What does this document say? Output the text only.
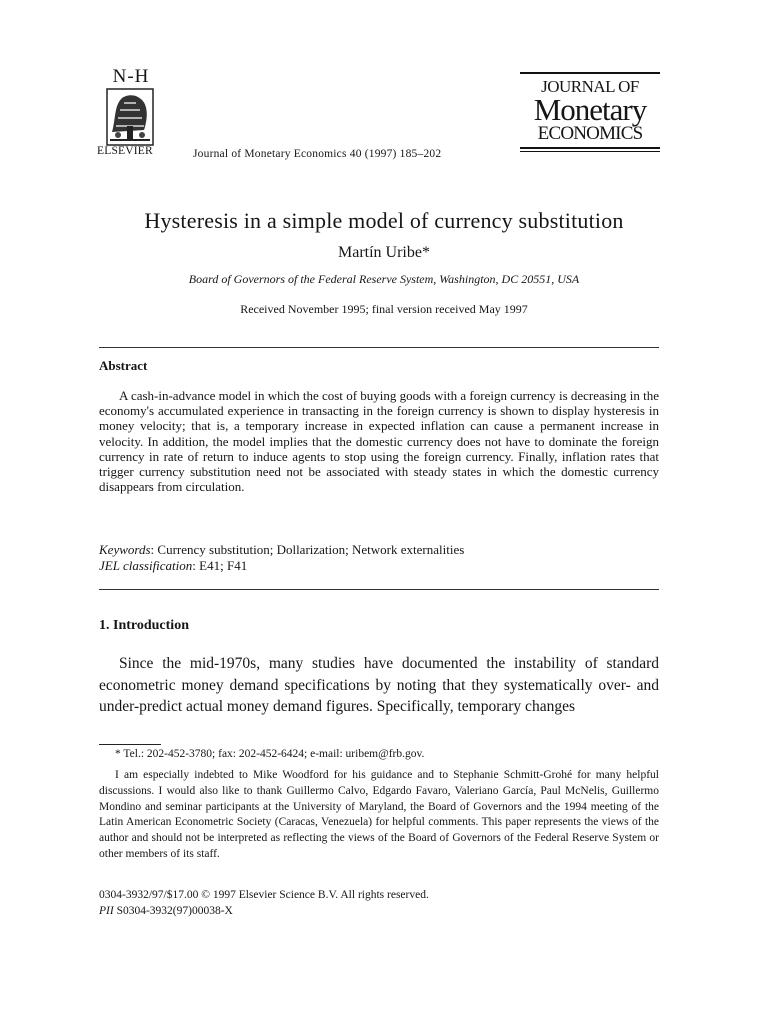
N-H
ELSEVIER	Journal of Monetary Economics 40 (1997) 185–202
JOURNAL OF
Monetary
ECONOMICS
Hysteresis in a simple model of currency substitution
Martín Uribe*
Board of Governors of the Federal Reserve System, Washington, DC 20551, USA
Received November 1995; final version received May 1997
Abstract
A cash-in-advance model in which the cost of buying goods with a foreign currency is decreasing in the economy's accumulated experience in transacting in the foreign currency is shown to display hysteresis in money velocity; that is, a temporary increase in expected inflation can cause a permanent increase in velocity. In addition, the model implies that the domestic currency does not have to dominate the foreign currency in rate of return to induce agents to stop using the foreign currency. Finally, inflation rates that trigger currency substitution need not be associated with steady states in which the domestic currency disappears from circulation.
Keywords: Currency substitution; Dollarization; Network externalities
JEL classification: E41; F41
1. Introduction
Since the mid-1970s, many studies have documented the instability of standard econometric money demand specifications by noting that they systematically over- and under-predict actual money demand figures. Specifically, temporary changes
* Tel.: 202-452-3780; fax: 202-452-6424; e-mail: uribem@frb.gov.
I am especially indebted to Mike Woodford for his guidance and to Stephanie Schmitt-Grohé for many helpful discussions. I would also like to thank Guillermo Calvo, Edgardo Favaro, Valeriano García, Paul McNelis, Guillermo Mondino and seminar participants at the University of Maryland, the Board of Governors and the 1994 meeting of the Latin American Econometric Society (Caracas, Venezuela) for helpful comments. This paper represents the views of the author and should not be interpreted as reflecting the views of the Board of Governors of the Federal Reserve System or other members of its staff.
0304-3932/97/$17.00 © 1997 Elsevier Science B.V. All rights reserved.
PII S0304-3932(97)00038-X
